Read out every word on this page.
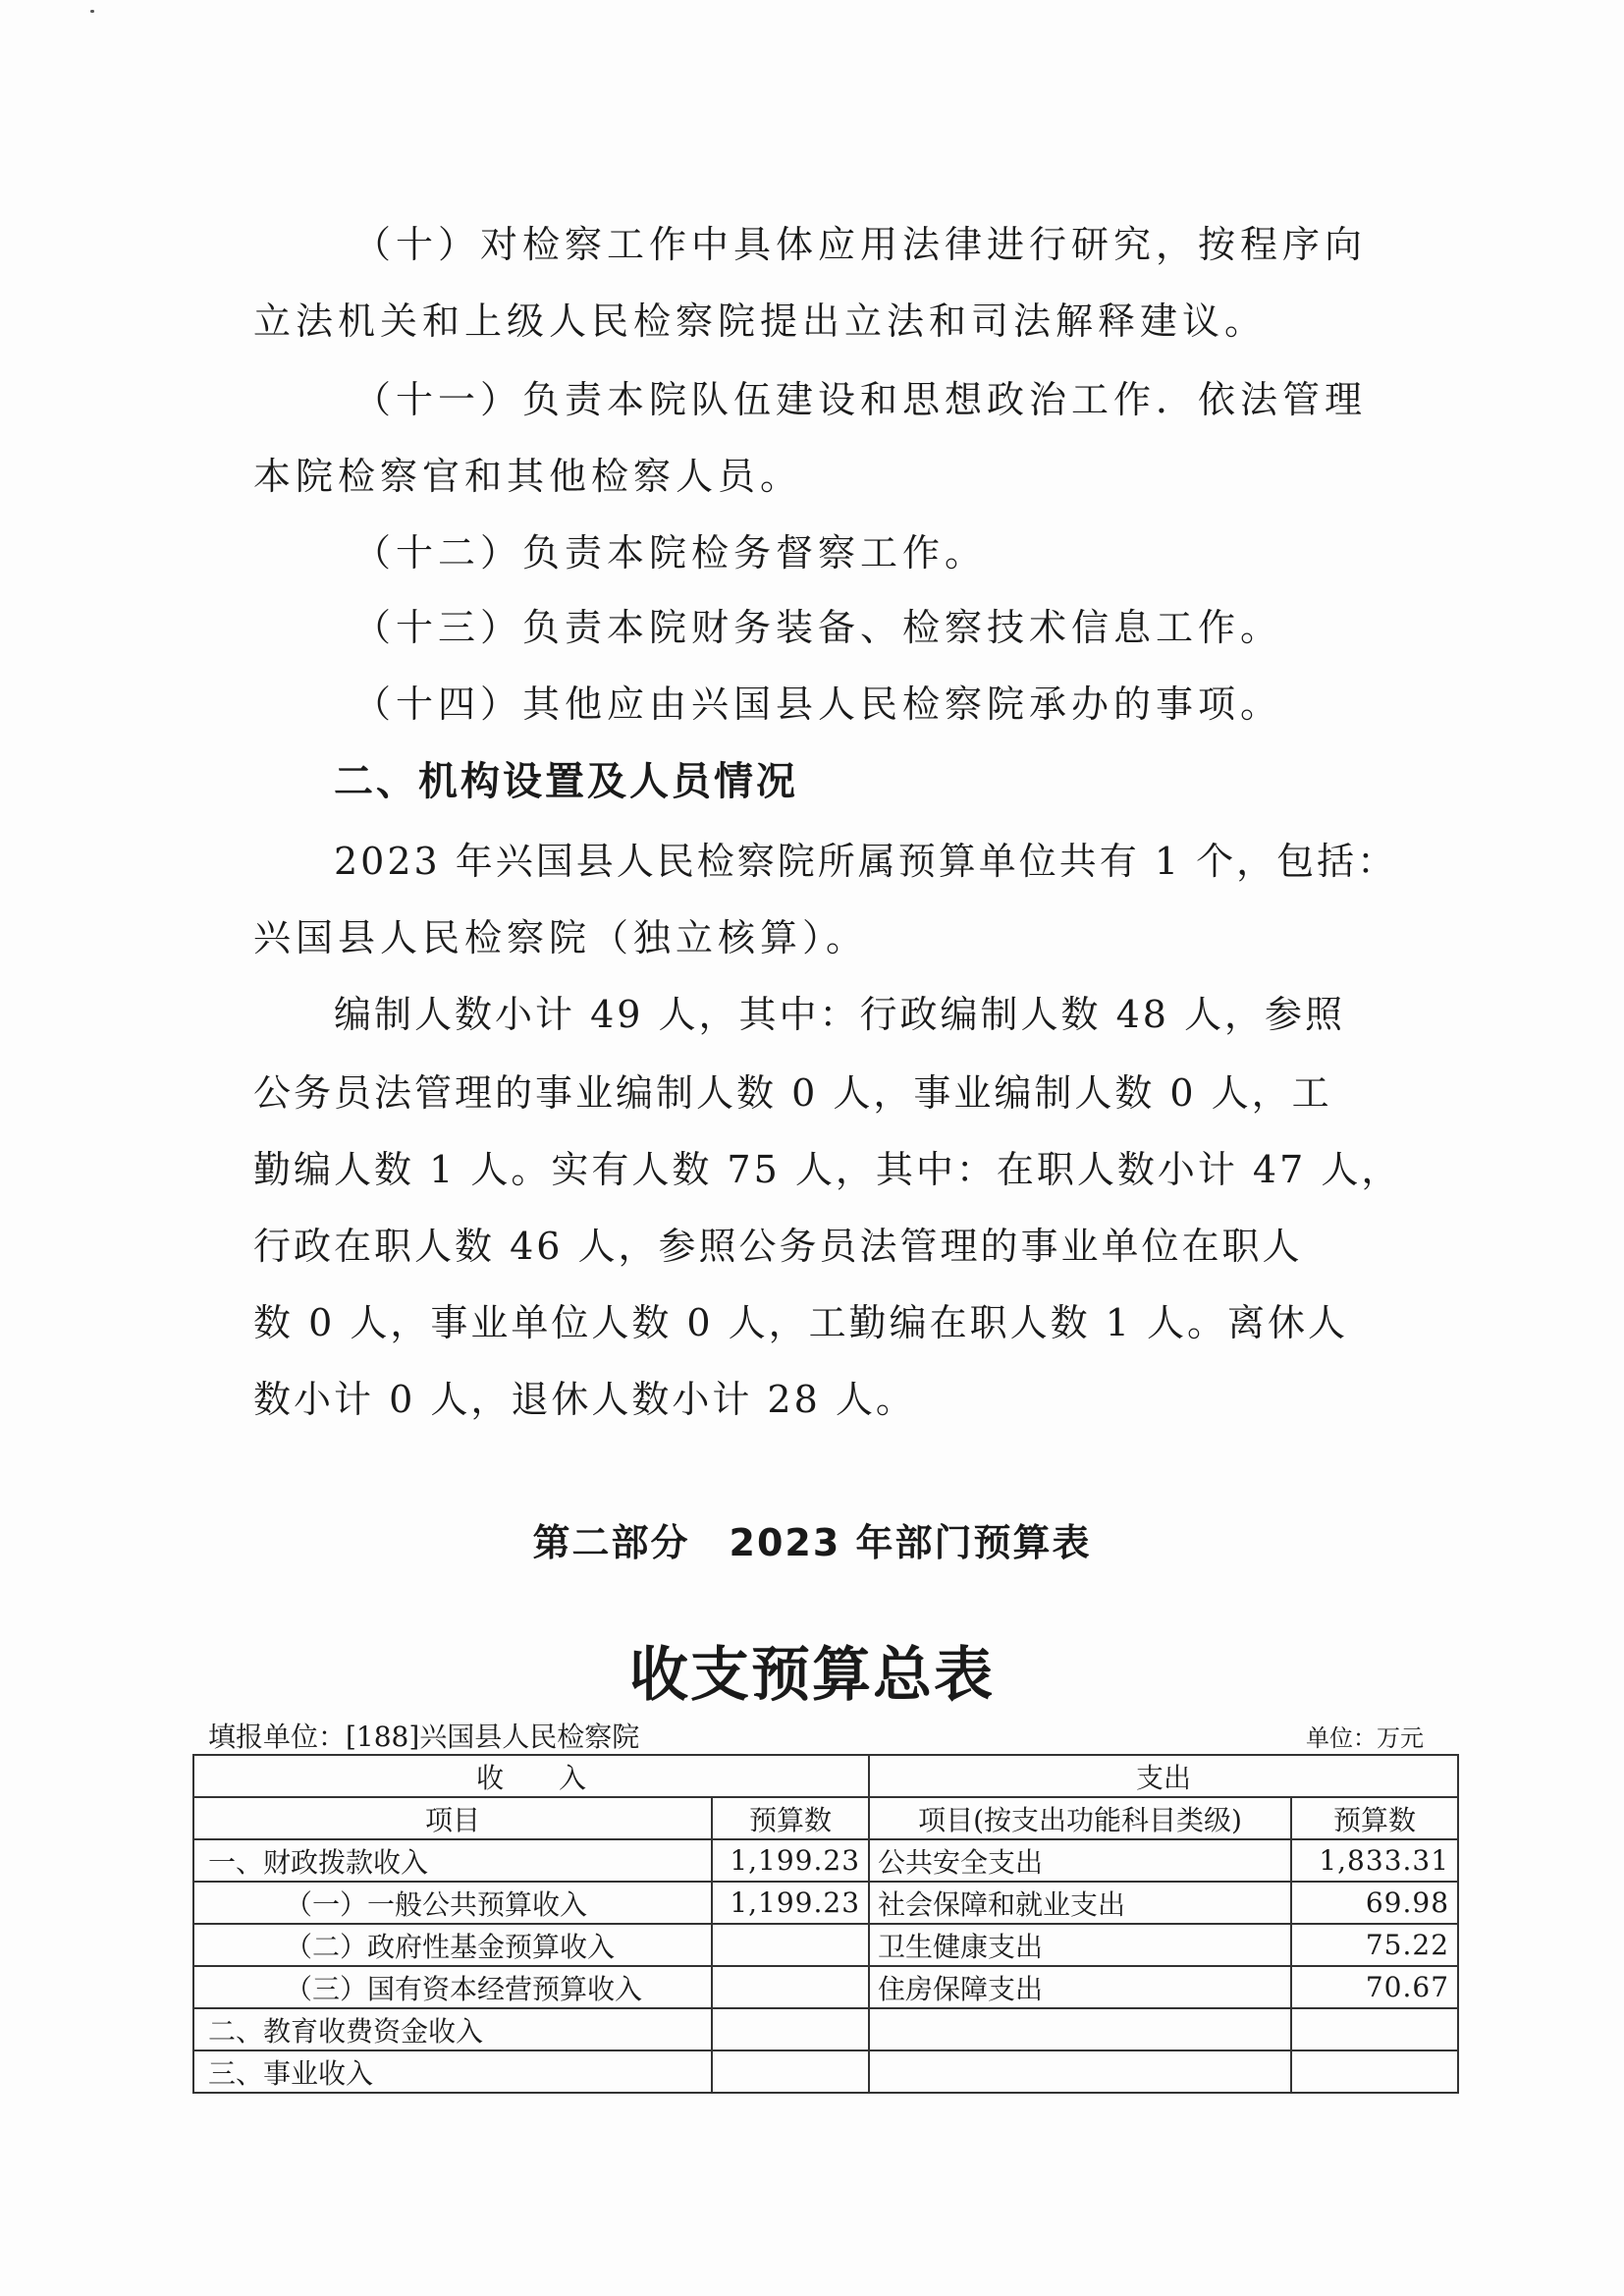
（十）对检察工作中具体应用法律进行研究，按程序向
立法机关和上级人民检察院提出立法和司法解释建议。
（十一）负责本院队伍建设和思想政治工作．依法管理
本院检察官和其他检察人员。
（十二）负责本院检务督察工作。
（十三）负责本院财务装备、检察技术信息工作。
（十四）其他应由兴国县人民检察院承办的事项。
二、机构设置及人员情况
2023 年兴国县人民检察院所属预算单位共有 1 个，包括：
兴国县人民检察院（独立核算）。
编制人数小计 49 人，其中：行政编制人数 48 人，参照
公务员法管理的事业编制人数 0 人，事业编制人数 0 人，工
勤编人数 1 人。实有人数 75 人，其中：在职人数小计 47 人，
行政在职人数 46 人，参照公务员法管理的事业单位在职人
数 0 人，事业单位人数 0 人，工勤编在职人数 1 人。离休人
数小计 0 人，退休人数小计 28 人。
第二部分　2023 年部门预算表
收支预算总表
填报单位：[188]兴国县人民检察院	单位：万元
收　　入		支出	
项目	预算数	项目(按支出功能科目类级)	预算数
一、财政拨款收入	1,199.23	公共安全支出	1,833.31
（一）一般公共预算收入	1,199.23	社会保障和就业支出	69.98
（二）政府性基金预算收入		卫生健康支出	75.22
（三）国有资本经营预算收入		住房保障支出	70.67
二、教育收费资金收入			
三、事业收入			
